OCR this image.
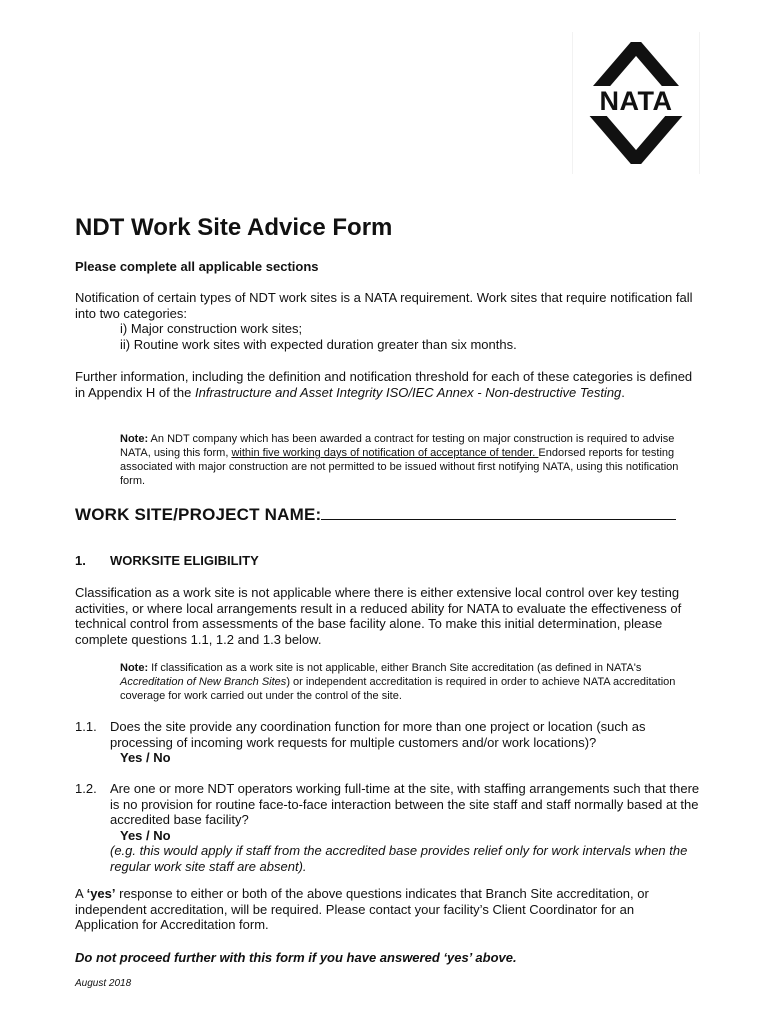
NATA
NDT Work Site Advice Form
Please complete all applicable sections
Notification of certain types of NDT work sites is a NATA requirement. Work sites that require notification fall into two categories:
i) Major construction work sites;
ii) Routine work sites with expected duration greater than six months.
Further information, including the definition and notification threshold for each of these categories is defined in Appendix H of the Infrastructure and Asset Integrity ISO/IEC Annex - Non-destructive Testing.
Note: An NDT company which has been awarded a contract for testing on major construction is required to advise NATA, using this form, within five working days of notification of acceptance of tender. Endorsed reports for testing associated with major construction are not permitted to be issued without first notifying NATA, using this notification form.
WORK SITE/PROJECT NAME:
1. WORKSITE ELIGIBILITY
Classification as a work site is not applicable where there is either extensive local control over key testing activities, or where local arrangements result in a reduced ability for NATA to evaluate the effectiveness of technical control from assessments of the base facility alone. To make this initial determination, please complete questions 1.1, 1.2 and 1.3 below.
Note: If classification as a work site is not applicable, either Branch Site accreditation (as defined in NATA's Accreditation of New Branch Sites) or independent accreditation is required in order to achieve NATA accreditation coverage for work carried out under the control of the site.
1.1. Does the site provide any coordination function for more than one project or location (such as processing of incoming work requests for multiple customers and/or work locations)?
Yes / No
1.2. Are one or more NDT operators working full-time at the site, with staffing arrangements such that there is no provision for routine face-to-face interaction between the site staff and staff normally based at the accredited base facility?
Yes / No
(e.g. this would apply if staff from the accredited base provides relief only for work intervals when the regular work site staff are absent).
A ‘yes’ response to either or both of the above questions indicates that Branch Site accreditation, or independent accreditation, will be required. Please contact your facility’s Client Coordinator for an Application for Accreditation form.
Do not proceed further with this form if you have answered ‘yes’ above.
August 2018
